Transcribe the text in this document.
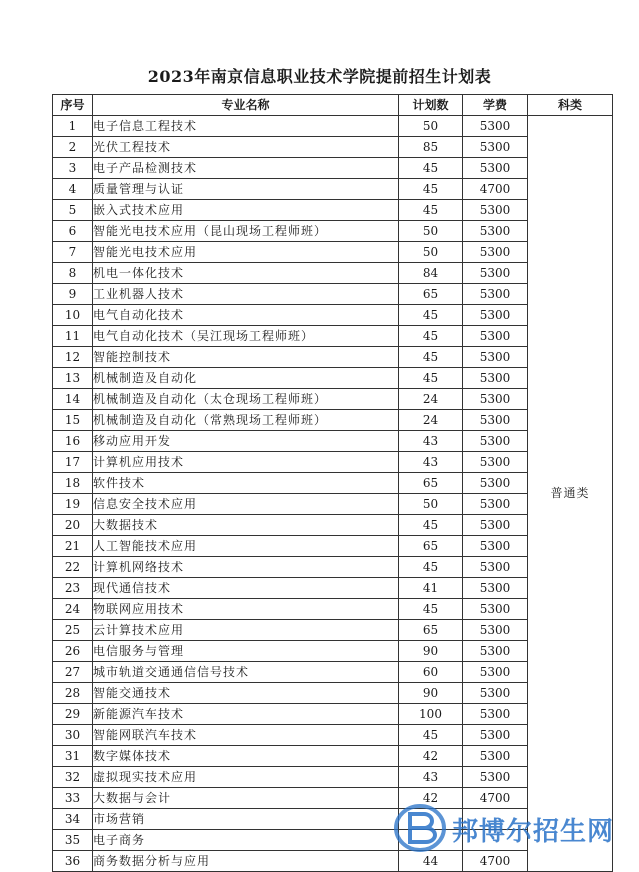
2023年南京信息职业技术学院提前招生计划表
序号	专业名称	计划数	学费	科类
1	电子信息工程技术	50	5300	普通类
2	光伏工程技术	85	5300	
3	电子产品检测技术	45	5300	
4	质量管理与认证	45	4700	
5	嵌入式技术应用	45	5300	
6	智能光电技术应用（昆山现场工程师班）	50	5300	
7	智能光电技术应用	50	5300	
8	机电一体化技术	84	5300	
9	工业机器人技术	65	5300	
10	电气自动化技术	45	5300	
11	电气自动化技术（吴江现场工程师班）	45	5300	
12	智能控制技术	45	5300	
13	机械制造及自动化	45	5300	
14	机械制造及自动化（太仓现场工程师班）	24	5300	
15	机械制造及自动化（常熟现场工程师班）	24	5300	
16	移动应用开发	43	5300	
17	计算机应用技术	43	5300	
18	软件技术	65	5300	
19	信息安全技术应用	50	5300	
20	大数据技术	45	5300	
21	人工智能技术应用	65	5300	
22	计算机网络技术	45	5300	
23	现代通信技术	41	5300	
24	物联网应用技术	45	5300	
25	云计算技术应用	65	5300	
26	电信服务与管理	90	5300	
27	城市轨道交通通信信号技术	60	5300	
28	智能交通技术	90	5300	
29	新能源汽车技术	100	5300	
30	智能网联汽车技术	45	5300	
31	数字媒体技术	42	5300	
32	虚拟现实技术应用	43	5300	
33	大数据与会计	42	4700	
34	市场营销			
35	电子商务			
36	商务数据分析与应用	44	4700	
邦博尔招生网
